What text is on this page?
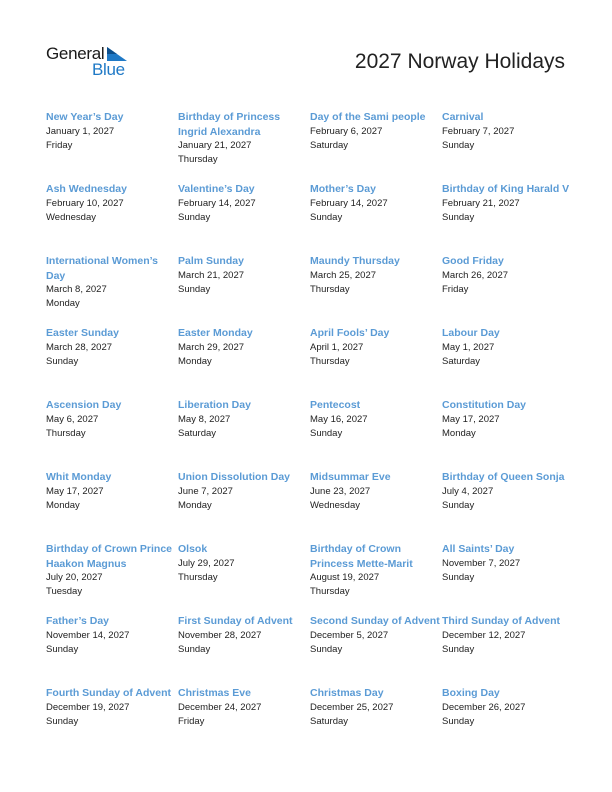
General
Blue	2027 Norway Holidays
New Year’s Day
January 1, 2027
Friday
Birthday of Princess Ingrid Alexandra
January 21, 2027
Thursday
Day of the Sami people
February 6, 2027
Saturday
Carnival
February 7, 2027
Sunday
Ash Wednesday
February 10, 2027
Wednesday
Valentine’s Day
February 14, 2027
Sunday
Mother’s Day
February 14, 2027
Sunday
Birthday of King Harald V
February 21, 2027
Sunday
International Women’s Day
March 8, 2027
Monday
Palm Sunday
March 21, 2027
Sunday
Maundy Thursday
March 25, 2027
Thursday
Good Friday
March 26, 2027
Friday
Easter Sunday
March 28, 2027
Sunday
Easter Monday
March 29, 2027
Monday
April Fools’ Day
April 1, 2027
Thursday
Labour Day
May 1, 2027
Saturday
Ascension Day
May 6, 2027
Thursday
Liberation Day
May 8, 2027
Saturday
Pentecost
May 16, 2027
Sunday
Constitution Day
May 17, 2027
Monday
Whit Monday
May 17, 2027
Monday
Union Dissolution Day
June 7, 2027
Monday
Midsummar Eve
June 23, 2027
Wednesday
Birthday of Queen Sonja
July 4, 2027
Sunday
Birthday of Crown Prince Haakon Magnus
July 20, 2027
Tuesday
Olsok
July 29, 2027
Thursday
Birthday of Crown Princess Mette-Marit
August 19, 2027
Thursday
All Saints’ Day
November 7, 2027
Sunday
Father’s Day
November 14, 2027
Sunday
First Sunday of Advent
November 28, 2027
Sunday
Second Sunday of Advent
December 5, 2027
Sunday
Third Sunday of Advent
December 12, 2027
Sunday
Fourth Sunday of Advent
December 19, 2027
Sunday
Christmas Eve
December 24, 2027
Friday
Christmas Day
December 25, 2027
Saturday
Boxing Day
December 26, 2027
Sunday
